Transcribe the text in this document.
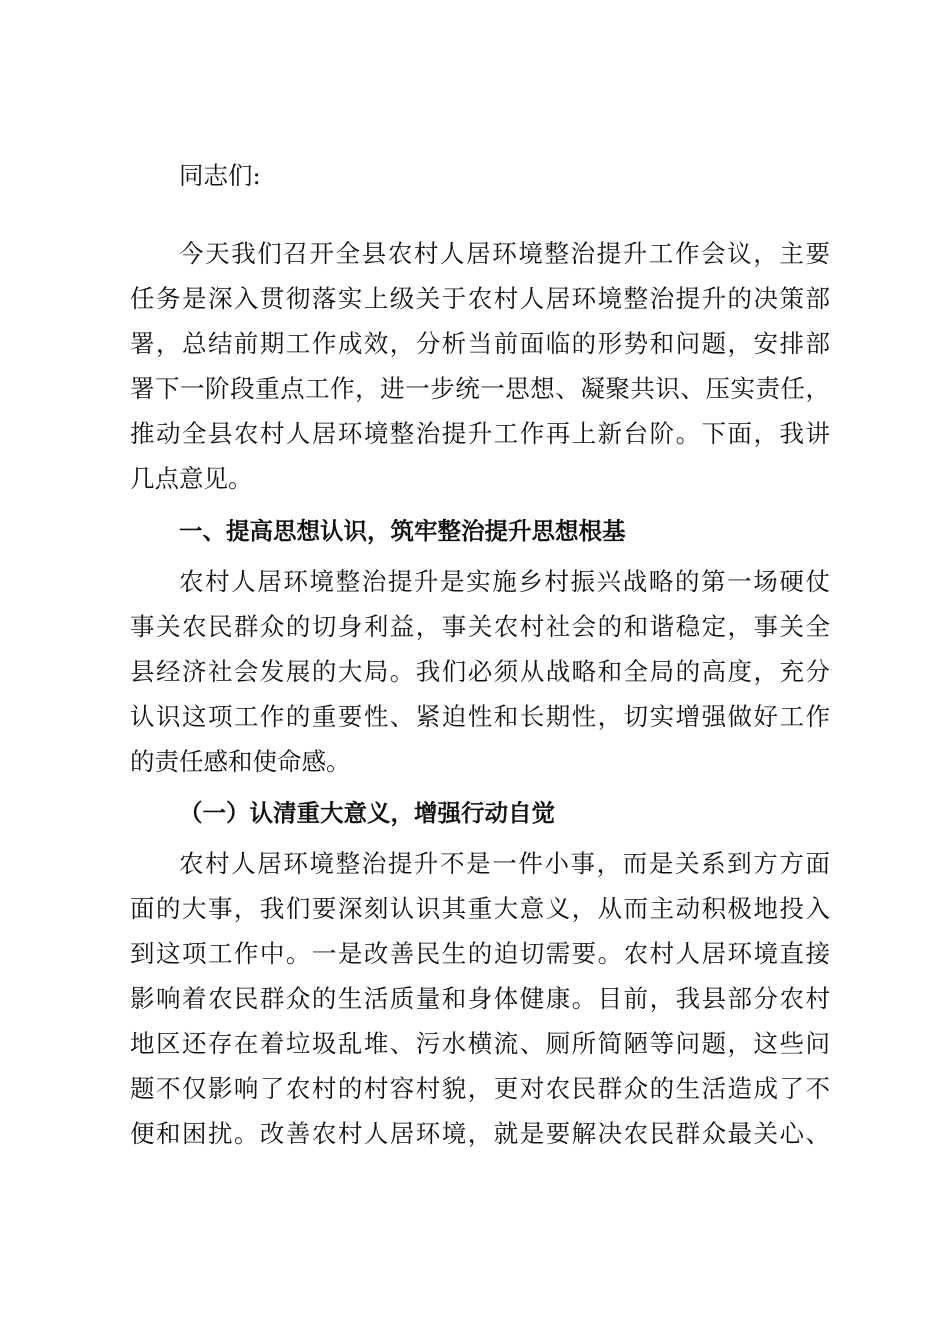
同志们:
今天我们召开全县农村人居环境整治提升工作会议，主要
任务是深入贯彻落实上级关于农村人居环境整治提升的决策部
署，总结前期工作成效，分析当前面临的形势和问题，安排部
署下一阶段重点工作，进一步统一思想、凝聚共识、压实责任，
推动全县农村人居环境整治提升工作再上新台阶。下面，我讲
几点意见。
一、提高思想认识，筑牢整治提升思想根基
农村人居环境整治提升是实施乡村振兴战略的第一场硬仗
事关农民群众的切身利益，事关农村社会的和谐稳定，事关全
县经济社会发展的大局。我们必须从战略和全局的高度，充分
认识这项工作的重要性、紧迫性和长期性，切实增强做好工作
的责任感和使命感。
（一）认清重大意义，增强行动自觉
农村人居环境整治提升不是一件小事，而是关系到方方面
面的大事，我们要深刻认识其重大意义，从而主动积极地投入
到这项工作中。一是改善民生的迫切需要。农村人居环境直接
影响着农民群众的生活质量和身体健康。目前，我县部分农村
地区还存在着垃圾乱堆、污水横流、厕所简陋等问题，这些问
题不仅影响了农村的村容村貌，更对农民群众的生活造成了不
便和困扰。改善农村人居环境，就是要解决农民群众最关心、
